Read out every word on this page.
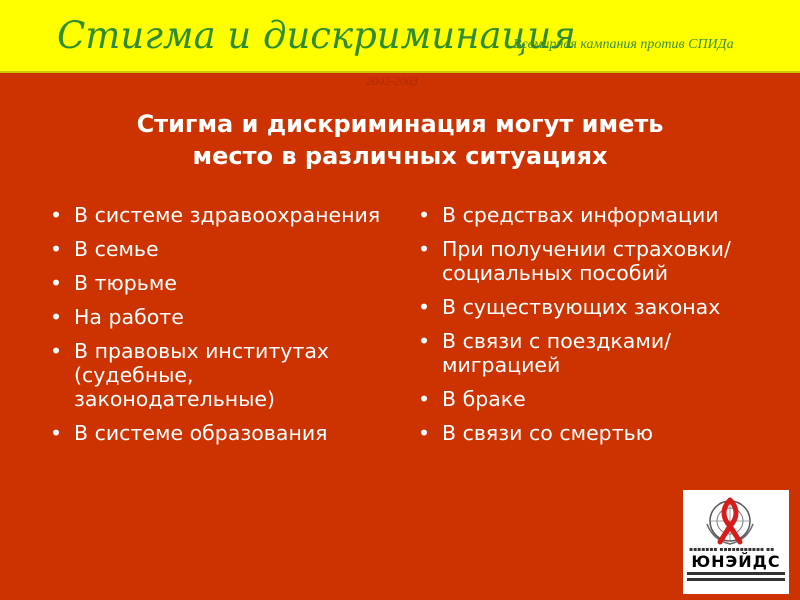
Стигма и дискриминация
Всемирная кампания против СПИДа
2002-2003
Стигма и дискриминация могут иметь
место в различных ситуациях
• В системе здравоохранения
• В семье
• В тюрьме
• На работе
• В правовых институтах (судебные, законодательные)
• В системе образования
• В средствах информации
• При получении страховки/социальных пособий
• В существующих законах
• В связи с поездками/миграцией
• В браке
• В связи со смертью
▪▪▪▪▪▪▪ ▪▪▪▪▪▪▪▪▪▪▪ ▪▪
ЮНЭЙДС
